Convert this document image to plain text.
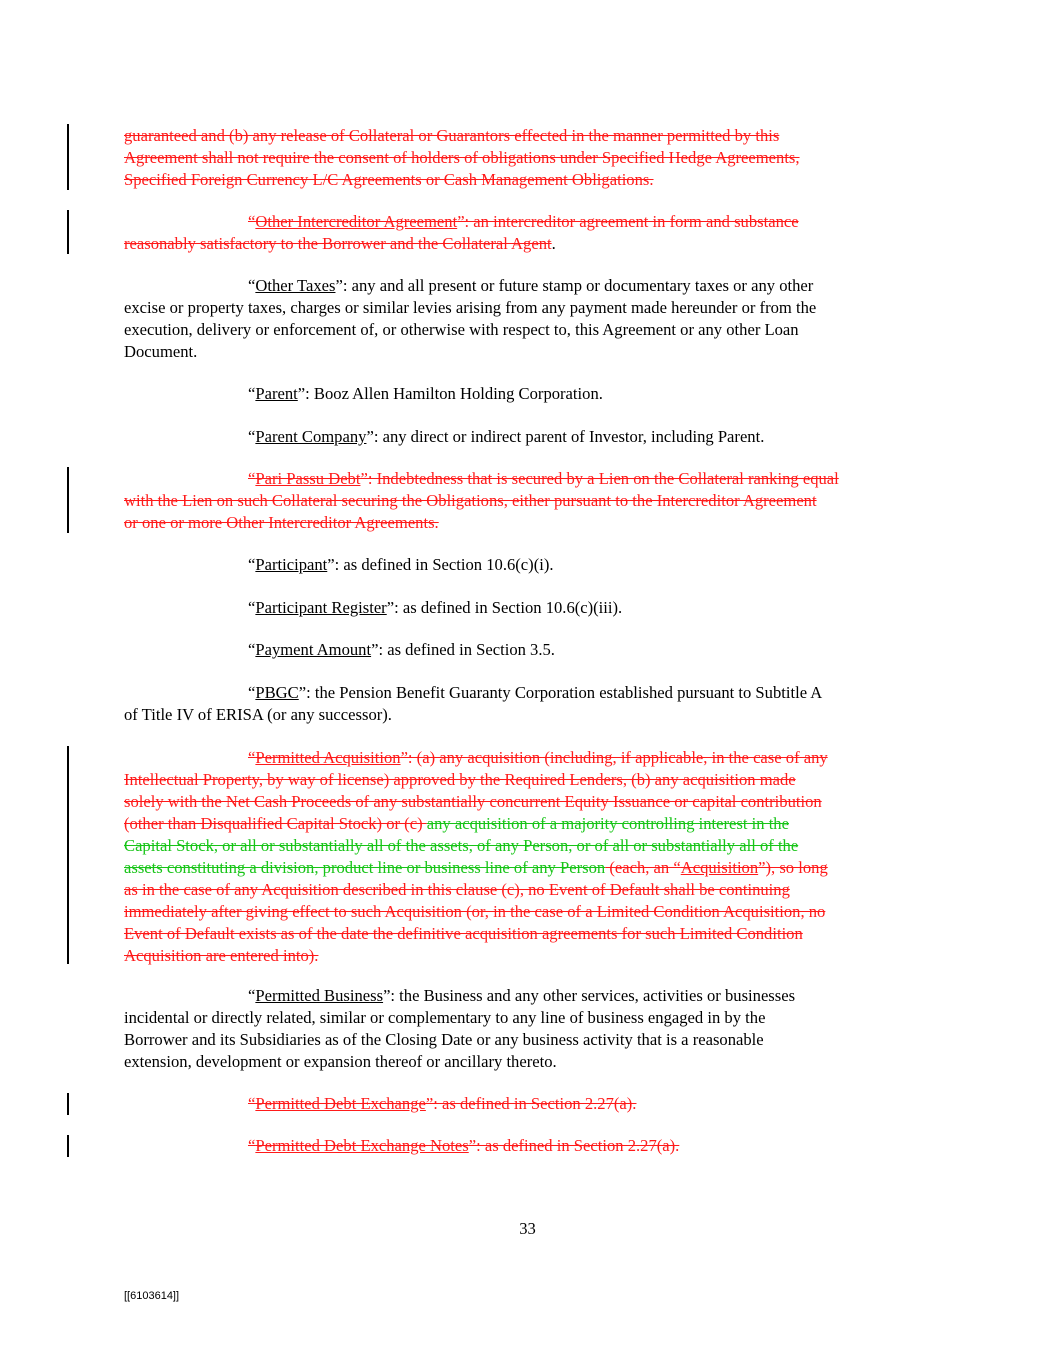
guaranteed and (b) any release of Collateral or Guarantors effected in the manner permitted by this
Agreement shall not require the consent of holders of obligations under Specified Hedge Agreements,
Specified Foreign Currency L/C Agreements or Cash Management Obligations.

“Other Intercreditor Agreement”: an intercreditor agreement in form and substance
reasonably satisfactory to the Borrower and the Collateral Agent.

“Other Taxes”: any and all present or future stamp or documentary taxes or any other
excise or property taxes, charges or similar levies arising from any payment made hereunder or from the
execution, delivery or enforcement of, or otherwise with respect to, this Agreement or any other Loan
Document.

“Parent”: Booz Allen Hamilton Holding Corporation.

“Parent Company”: any direct or indirect parent of Investor, including Parent.

“Pari Passu Debt”: Indebtedness that is secured by a Lien on the Collateral ranking equal
with the Lien on such Collateral securing the Obligations, either pursuant to the Intercreditor Agreement
or one or more Other Intercreditor Agreements.

“Participant”: as defined in Section 10.6(c)(i).

“Participant Register”: as defined in Section 10.6(c)(iii).

“Payment Amount”: as defined in Section 3.5.

“PBGC”: the Pension Benefit Guaranty Corporation established pursuant to Subtitle A
of Title IV of ERISA (or any successor).

“Permitted Acquisition”: (a) any acquisition (including, if applicable, in the case of any
Intellectual Property, by way of license) approved by the Required Lenders, (b) any acquisition made
solely with the Net Cash Proceeds of any substantially concurrent Equity Issuance or capital contribution
(other than Disqualified Capital Stock) or (c) any acquisition of a majority controlling interest in the
Capital Stock, or all or substantially all of the assets, of any Person, or of all or substantially all of the
assets constituting a division, product line or business line of any Person (each, an “Acquisition”), so long
as in the case of any Acquisition described in this clause (c), no Event of Default shall be continuing
immediately after giving effect to such Acquisition (or, in the case of a Limited Condition Acquisition, no
Event of Default exists as of the date the definitive acquisition agreements for such Limited Condition
Acquisition are entered into).

“Permitted Business”: the Business and any other services, activities or businesses
incidental or directly related, similar or complementary to any line of business engaged in by the
Borrower and its Subsidiaries as of the Closing Date or any business activity that is a reasonable
extension, development or expansion thereof or ancillary thereto.

“Permitted Debt Exchange”: as defined in Section 2.27(a).

“Permitted Debt Exchange Notes”: as defined in Section 2.27(a).

33
[[6103614]]
